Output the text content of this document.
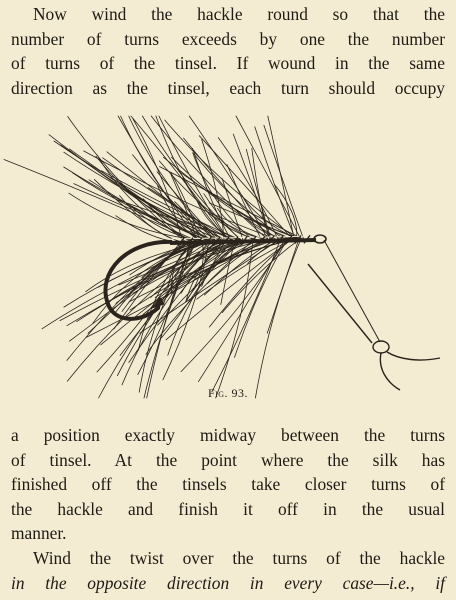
Now wind the hackle round so that the
number of turns exceeds by one the number
of turns of the tinsel. If wound in the same
direction as the tinsel, each turn should occupy

Fig. 93.

a position exactly midway between the turns
of tinsel. At the point where the silk has
finished off the tinsels take closer turns of
the hackle and finish it off in the usual
manner.

Wind the twist over the turns of the hackle
in the opposite direction in every case—i.e., if
